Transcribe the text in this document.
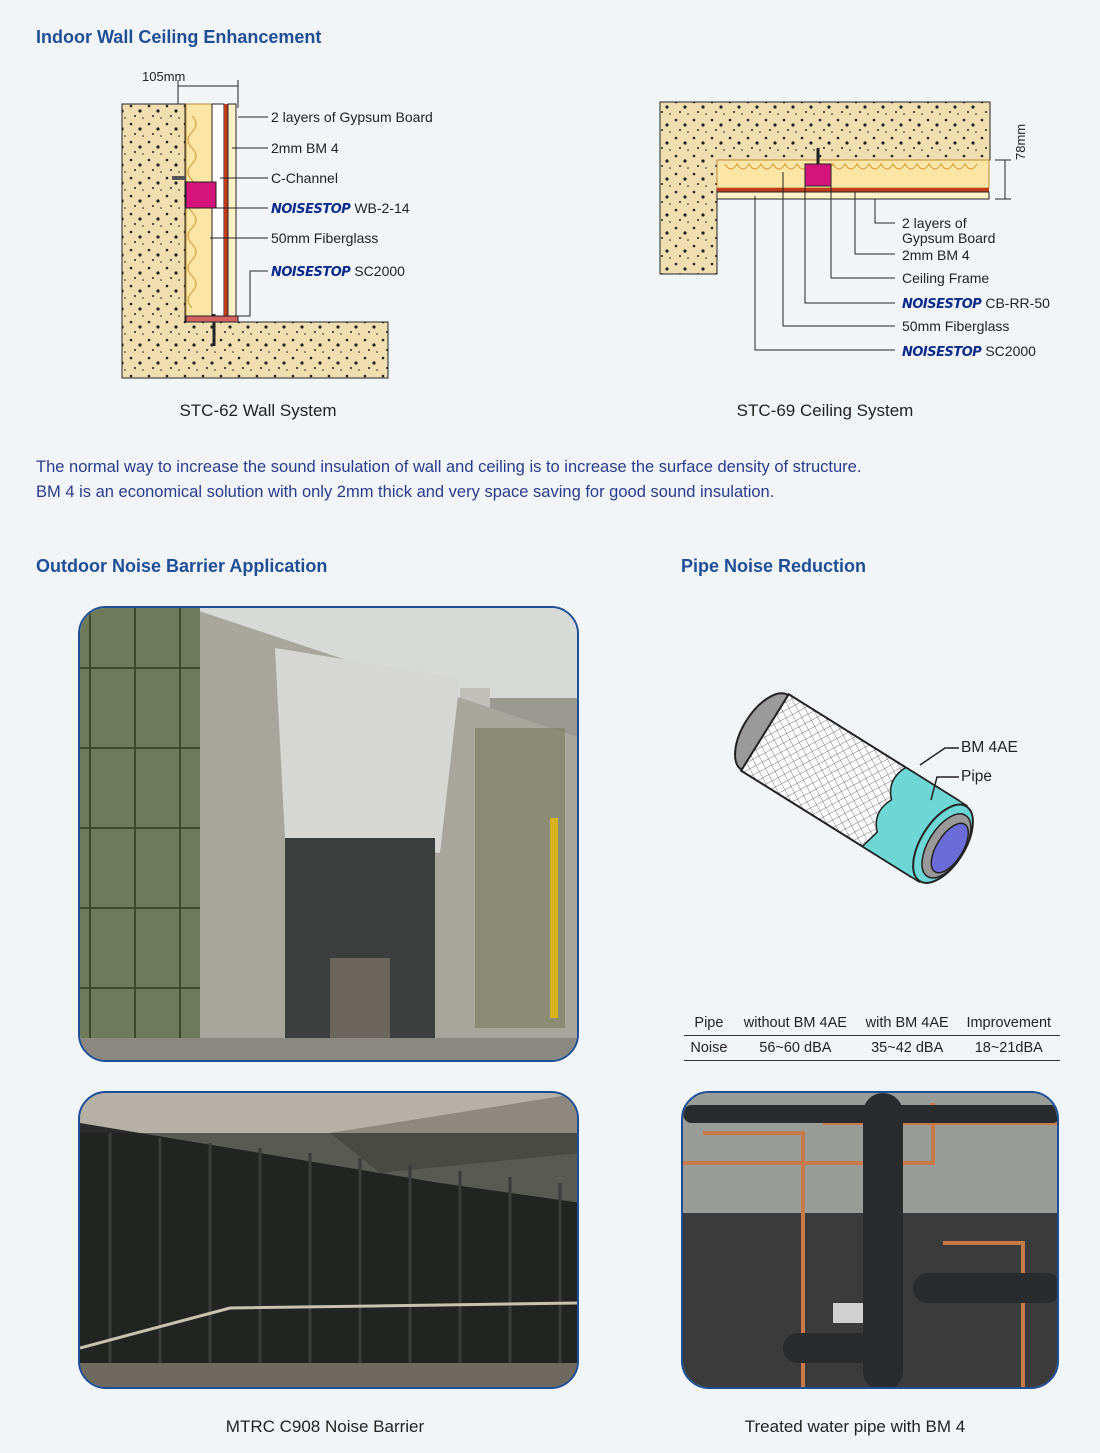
Indoor Wall Ceiling Enhancement
Outdoor Noise Barrier Application	Pipe Noise Reduction
105mm
2 layers of Gypsum Board
2mm BM 4
C-Channel
NOISESTOP WB-2-14
50mm Fiberglass
NOISESTOP SC2000
STC-62 Wall System
78mm
2 layers of
Gypsum Board
2mm BM 4
Ceiling Frame
NOISESTOP CB-RR-50
50mm Fiberglass
NOISESTOP SC2000
STC-69 Ceiling System
The normal way to increase the sound insulation of wall and ceiling is to increase the surface density of structure.
BM 4 is an economical solution with only 2mm thick and very space saving for good sound insulation.
BM 4AE
Pipe
Pipe	without BM 4AE	with BM 4AE	Improvement
Noise	56~60 dBA	35~42 dBA	18~21dBA
MTRC C908 Noise Barrier	Treated water pipe with BM 4
